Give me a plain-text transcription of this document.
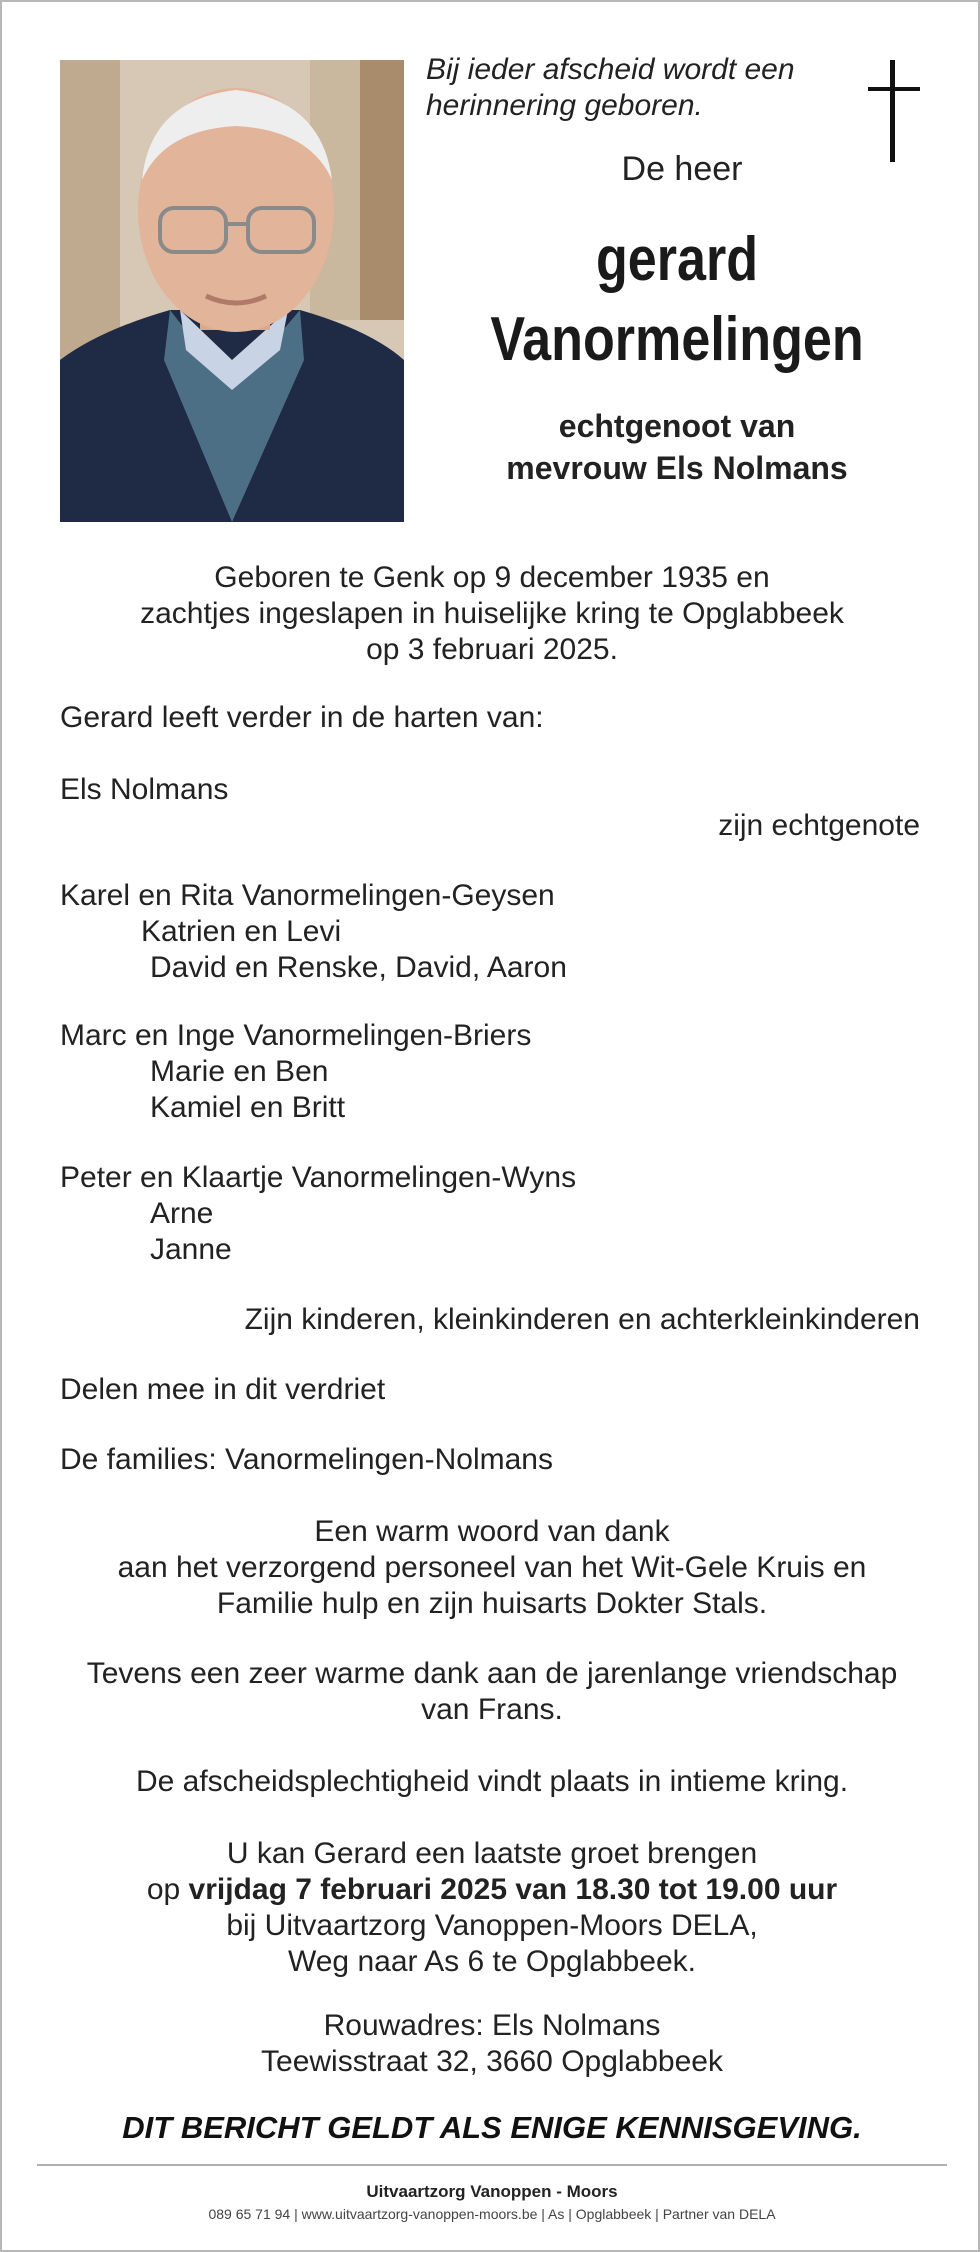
Bij ieder afscheid wordt een
herinnering geboren.
De heer
gerard
Vanormelingen
echtgenoot van
mevrouw Els Nolmans
Geboren te Genk op 9 december 1935 en
zachtjes ingeslapen in huiselijke kring te Opglabbeek
op 3 februari 2025.
Gerard leeft verder in de harten van:
Els Nolmans
zijn echtgenote
Karel en Rita Vanormelingen-Geysen
Katrien en Levi
David en Renske, David, Aaron
Marc en Inge Vanormelingen-Briers
Marie en Ben
Kamiel en Britt
Peter en Klaartje Vanormelingen-Wyns
Arne
Janne
Zijn kinderen, kleinkinderen en achterkleinkinderen
Delen mee in dit verdriet
De families: Vanormelingen-Nolmans
Een warm woord van dank
aan het verzorgend personeel van het Wit-Gele Kruis en
Familie hulp en zijn huisarts Dokter Stals.
Tevens een zeer warme dank aan de jarenlange vriendschap
van Frans.
De afscheidsplechtigheid vindt plaats in intieme kring.
U kan Gerard een laatste groet brengen
op vrijdag 7 februari 2025 van 18.30 tot 19.00 uur
bij Uitvaartzorg Vanoppen-Moors DELA,
Weg naar As 6 te Opglabbeek.
Rouwadres: Els Nolmans
Teewisstraat 32, 3660 Opglabbeek
DIT BERICHT GELDT ALS ENIGE KENNISGEVING.
Uitvaartzorg Vanoppen - Moors
089 65 71 94 | www.uitvaartzorg-vanoppen-moors.be | As | Opglabbeek | Partner van DELA
